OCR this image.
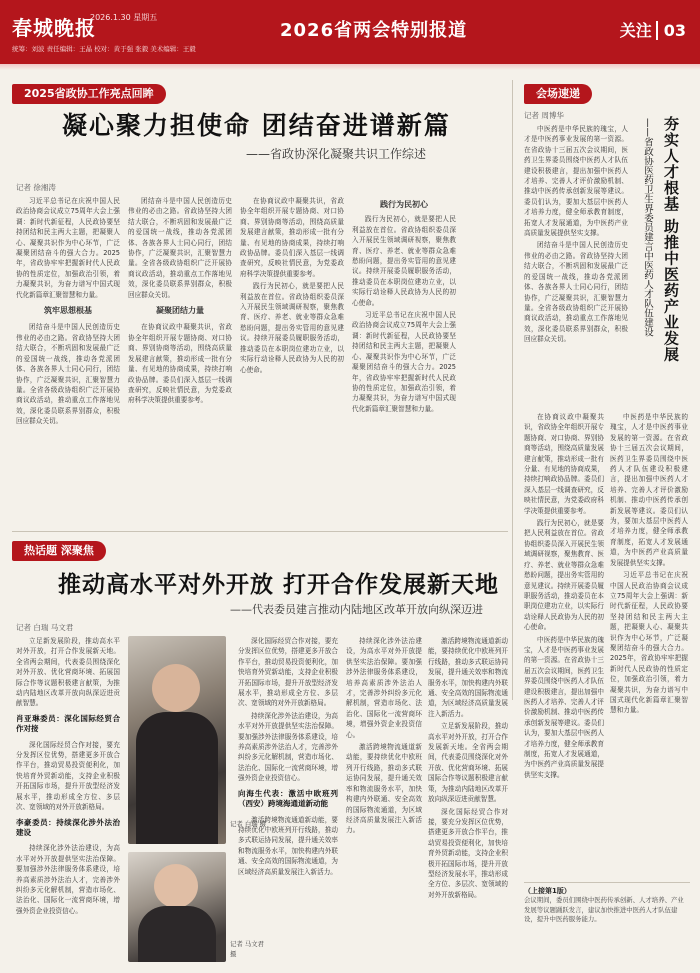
春城晚报
2026.1.30 星期五
统筹：刘波 责任编辑：王晶 校对：黄于强 张毅 美术编辑：王毅
2026省两会特别报道	关注 03
2025省政协工作亮点回眸
凝心聚力担使命 团结奋进谱新篇
——省政协深化凝聚共识工作综述
记者 徐湘涛

习近平总书记在庆祝中国人民政治协商会议成立75周年大会上强调：新时代新征程，人民政协要坚持团结和民主两大主题，把凝聚人心、凝聚共识作为中心环节，广泛凝聚团结奋斗的强大合力。2025年，省政协牢牢把握新时代人民政协的性质定位，加强政治引领，着力凝聚共识，为奋力谱写中国式现代化新篇章汇聚智慧和力量。

筑牢思想根基

团结奋斗是中国人民创造历史伟业的必由之路。省政协坚持大团结大联合，不断巩固和发展最广泛的爱国统一战线，推动各党派团体、各族各界人士同心同行，团结协作，广泛凝聚共识，汇聚智慧力量。全省各级政协组织广泛开展协商议政活动，推动重点工作落地见效，深化委员联系界别群众，积极回应群众关切。

团结奋斗是中国人民创造历史伟业的必由之路。省政协坚持大团结大联合，不断巩固和发展最广泛的爱国统一战线，推动各党派团体、各族各界人士同心同行，团结协作，广泛凝聚共识，汇聚智慧力量。全省各级政协组织广泛开展协商议政活动，推动重点工作落地见效，深化委员联系界别群众，积极回应群众关切。

凝聚团结力量

在协商议政中凝聚共识，省政协全年组织开展专题协商、对口协商、界别协商等活动，围绕高质量发展建言献策，推动形成一批有分量、有见地的协商成果，持续打响政协品牌。委员们深入基层一线调查研究，反映社情民意，为党委政府科学决策提供重要参考。

在协商议政中凝聚共识，省政协全年组织开展专题协商、对口协商、界别协商等活动，围绕高质量发展建言献策，推动形成一批有分量、有见地的协商成果，持续打响政协品牌。委员们深入基层一线调查研究，反映社情民意，为党委政府科学决策提供重要参考。

践行为民初心，就是要把人民利益放在首位。省政协组织委员深入开展民生领域调研视察，聚焦教育、医疗、养老、就业等群众急难愁盼问题，提出务实管用的意见建议。持续开展委员履职服务活动，推动委员在本职岗位建功立业，以实际行动诠释人民政协为人民的初心使命。

践行为民初心

践行为民初心，就是要把人民利益放在首位。省政协组织委员深入开展民生领域调研视察，聚焦教育、医疗、养老、就业等群众急难愁盼问题，提出务实管用的意见建议。持续开展委员履职服务活动，推动委员在本职岗位建功立业，以实际行动诠释人民政协为人民的初心使命。

习近平总书记在庆祝中国人民政治协商会议成立75周年大会上强调：新时代新征程，人民政协要坚持团结和民主两大主题，把凝聚人心、凝聚共识作为中心环节，广泛凝聚团结奋斗的强大合力。2025年，省政协牢牢把握新时代人民政协的性质定位，加强政治引领，着力凝聚共识，为奋力谱写中国式现代化新篇章汇聚智慧和力量。

会场速递
夯实人才根基 助推中医药产业发展
——省政协医药卫生界委员建言中医药人才队伍建设
记者 周博华

中医药是中华民族的瑰宝，人才是中医药事业发展的第一资源。在省政协十三届五次会议期间，医药卫生界委员围绕中医药人才队伍建设积极建言，提出加强中医药人才培养、完善人才评价激励机制、推动中医药传承创新发展等建议。委员们认为，要加大基层中医药人才培养力度，健全师承教育制度，拓宽人才发展通道，为中医药产业高质量发展提供坚实支撑。

团结奋斗是中国人民创造历史伟业的必由之路。省政协坚持大团结大联合，不断巩固和发展最广泛的爱国统一战线，推动各党派团体、各族各界人士同心同行，团结协作，广泛凝聚共识，汇聚智慧力量。全省各级政协组织广泛开展协商议政活动，推动重点工作落地见效，深化委员联系界别群众，积极回应群众关切。

在协商议政中凝聚共识，省政协全年组织开展专题协商、对口协商、界别协商等活动，围绕高质量发展建言献策，推动形成一批有分量、有见地的协商成果，持续打响政协品牌。委员们深入基层一线调查研究，反映社情民意，为党委政府科学决策提供重要参考。

践行为民初心，就是要把人民利益放在首位。省政协组织委员深入开展民生领域调研视察，聚焦教育、医疗、养老、就业等群众急难愁盼问题，提出务实管用的意见建议。持续开展委员履职服务活动，推动委员在本职岗位建功立业，以实际行动诠释人民政协为人民的初心使命。

中医药是中华民族的瑰宝，人才是中医药事业发展的第一资源。在省政协十三届五次会议期间，医药卫生界委员围绕中医药人才队伍建设积极建言，提出加强中医药人才培养、完善人才评价激励机制、推动中医药传承创新发展等建议。委员们认为，要加大基层中医药人才培养力度，健全师承教育制度，拓宽人才发展通道，为中医药产业高质量发展提供坚实支撑。

中医药是中华民族的瑰宝，人才是中医药事业发展的第一资源。在省政协十三届五次会议期间，医药卫生界委员围绕中医药人才队伍建设积极建言，提出加强中医药人才培养、完善人才评价激励机制、推动中医药传承创新发展等建议。委员们认为，要加大基层中医药人才培养力度，健全师承教育制度，拓宽人才发展通道，为中医药产业高质量发展提供坚实支撑。

习近平总书记在庆祝中国人民政治协商会议成立75周年大会上强调：新时代新征程，人民政协要坚持团结和民主两大主题，把凝聚人心、凝聚共识作为中心环节，广泛凝聚团结奋斗的强大合力。2025年，省政协牢牢把握新时代人民政协的性质定位，加强政治引领，着力凝聚共识，为奋力谱写中国式现代化新篇章汇聚智慧和力量。

（上接第1版）
会议期间，委员们围绕中医药传承创新、人才培养、产业发展等议题踊跃发言，建议加快推进中医药人才队伍建设，提升中医药服务能力。
热话题 深聚焦
推动高水平对外开放 打开合作发展新天地
——代表委员建言推动内陆地区改革开放向纵深迈进
记者 白瑞 马文君

立足新发展阶段，推动高水平对外开放，打开合作发展新天地。全省两会期间，代表委员围绕深化对外开放、优化营商环境、拓展国际合作等议题积极建言献策，为推动内陆地区改革开放向纵深迈进贡献智慧。

肖亚琳委员：深化国际经贸合作对接

深化国际经贸合作对接，要充分发挥区位优势，搭建更多开放合作平台，推动贸易投资便利化，加快培育外贸新动能，支持企业积极开拓国际市场，提升开放型经济发展水平，推动形成全方位、多层次、宽领域的对外开放新格局。

李豪委员：持续深化涉外法治建设

持续深化涉外法治建设，为高水平对外开放提供坚实法治保障。要加强涉外法律服务体系建设，培养高素质涉外法治人才，完善涉外纠纷多元化解机制，营造市场化、法治化、国际化一流营商环境，增强外资企业投资信心。

记者 白瑞 摄
记者 马文君 摄

深化国际经贸合作对接，要充分发挥区位优势，搭建更多开放合作平台，推动贸易投资便利化，加快培育外贸新动能，支持企业积极开拓国际市场，提升开放型经济发展水平，推动形成全方位、多层次、宽领域的对外开放新格局。

持续深化涉外法治建设，为高水平对外开放提供坚实法治保障。要加强涉外法律服务体系建设，培养高素质涉外法治人才，完善涉外纠纷多元化解机制，营造市场化、法治化、国际化一流营商环境，增强外资企业投资信心。

向海生代表：激活中欧班列（西安）跨境海通道新动能

激活跨境物流通道新动能，要持续优化中欧班列开行线路，推动多式联运协同发展，提升通关效率和物流服务水平，加快构建内外联通、安全高效的国际物流通道，为区域经济高质量发展注入新活力。

持续深化涉外法治建设，为高水平对外开放提供坚实法治保障。要加强涉外法律服务体系建设，培养高素质涉外法治人才，完善涉外纠纷多元化解机制，营造市场化、法治化、国际化一流营商环境，增强外资企业投资信心。

激活跨境物流通道新动能，要持续优化中欧班列开行线路，推动多式联运协同发展，提升通关效率和物流服务水平，加快构建内外联通、安全高效的国际物流通道，为区域经济高质量发展注入新活力。

激活跨境物流通道新动能，要持续优化中欧班列开行线路，推动多式联运协同发展，提升通关效率和物流服务水平，加快构建内外联通、安全高效的国际物流通道，为区域经济高质量发展注入新活力。

立足新发展阶段，推动高水平对外开放，打开合作发展新天地。全省两会期间，代表委员围绕深化对外开放、优化营商环境、拓展国际合作等议题积极建言献策，为推动内陆地区改革开放向纵深迈进贡献智慧。

深化国际经贸合作对接，要充分发挥区位优势，搭建更多开放合作平台，推动贸易投资便利化，加快培育外贸新动能，支持企业积极开拓国际市场，提升开放型经济发展水平，推动形成全方位、多层次、宽领域的对外开放新格局。
